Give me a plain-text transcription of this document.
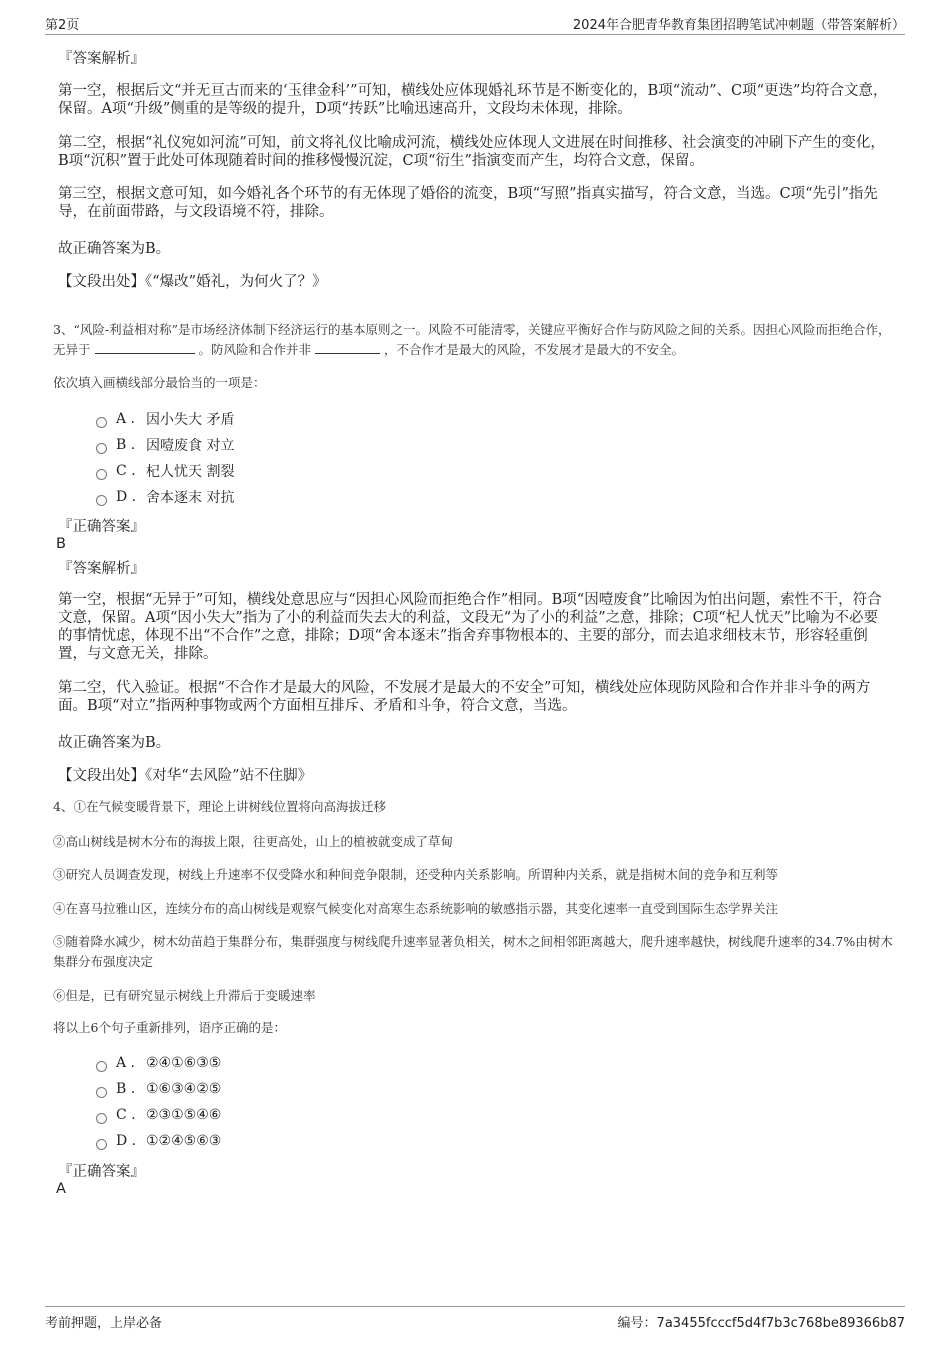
第2页	2024年合肥青华教育集团招聘笔试冲刺题（带答案解析）
『答案解析』
第一空，根据后文“并无亘古而来的‘玉律金科’”可知，横线处应体现婚礼环节是不断变化的，B项“流动”、C项“更迭”均符合文意，保留。A项“升级”侧重的是等级的提升，D项“抟跃”比喻迅速高升，文段均未体现，排除。
第二空，根据“礼仪宛如河流”可知，前文将礼仪比喻成河流，横线处应体现人文进展在时间推移、社会演变的冲刷下产生的变化，B项“沉积”置于此处可体现随着时间的推移慢慢沉淀，C项“衍生”指演变而产生，均符合文意，保留。
第三空，根据文意可知，如今婚礼各个环节的有无体现了婚俗的流变，B项“写照”指真实描写，符合文意，当选。C项“先引”指先导，在前面带路，与文段语境不符，排除。
故正确答案为B。
【文段出处】《“爆改”婚礼，为何火了？》
3、“风险-利益相对称”是市场经济体制下经济运行的基本原则之一。风险不可能清零，关键应平衡好合作与防风险之间的关系。因担心风险而拒绝合作，无异于	。防风险和合作并非	，不合作才是最大的风险，不发展才是最大的不安全。
依次填入画横线部分最恰当的一项是：
A . 因小失大 矛盾
B . 因噎废食 对立
C . 杞人忧天 割裂
D . 舍本逐末 对抗
『正确答案』
B
『答案解析』
第一空，根据“无异于”可知，横线处意思应与“因担心风险而拒绝合作”相同。B项“因噎废食”比喻因为怕出问题，索性不干，符合文意，保留。A项“因小失大”指为了小的利益而失去大的利益，文段无“为了小的利益”之意，排除；C项“杞人忧天”比喻为不必要的事情忧虑，体现不出“不合作”之意，排除；D项“舍本逐末”指舍弃事物根本的、主要的部分，而去追求细枝末节，形容轻重倒置，与文意无关，排除。
第二空，代入验证。根据“不合作才是最大的风险，不发展才是最大的不安全”可知，横线处应体现防风险和合作并非斗争的两方面。B项“对立”指两种事物或两个方面相互排斥、矛盾和斗争，符合文意，当选。
故正确答案为B。
【文段出处】《对华“去风险”站不住脚》
4、①在气候变暖背景下，理论上讲树线位置将向高海拔迁移
②高山树线是树木分布的海拔上限，往更高处，山上的植被就变成了草甸
③研究人员调查发现，树线上升速率不仅受降水和种间竞争限制，还受种内关系影响。所谓种内关系，就是指树木间的竞争和互利等
④在喜马拉雅山区，连续分布的高山树线是观察气候变化对高寒生态系统影响的敏感指示器，其变化速率一直受到国际生态学界关注
⑤随着降水减少，树木幼苗趋于集群分布，集群强度与树线爬升速率显著负相关，树木之间相邻距离越大，爬升速率越快，树线爬升速率的34.7%由树木集群分布强度决定
⑥但是，已有研究显示树线上升滞后于变暖速率
将以上6个句子重新排列，语序正确的是：
A . ②④①⑥③⑤
B . ①⑥③④②⑤
C . ②③①⑤④⑥
D . ①②④⑤⑥③
『正确答案』
A
考前押题，上岸必备	编号：7a3455fcccf5d4f7b3c768be89366b87
